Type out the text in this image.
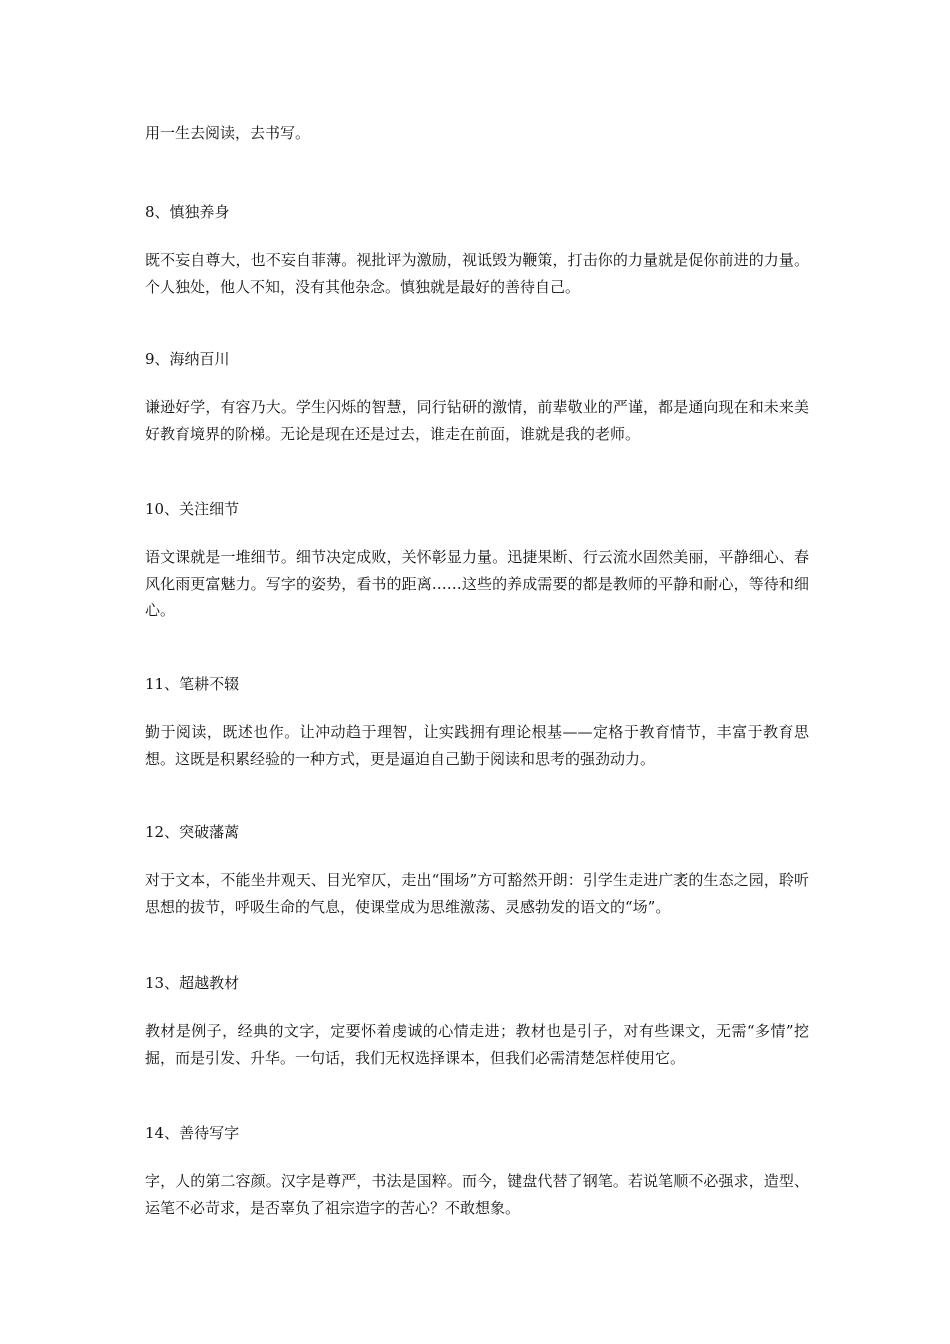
用一生去阅读，去书写。

8、慎独养身

既不妄自尊大，也不妄自菲薄。视批评为激励，视诋毁为鞭策，打击你的力量就是促你前进的力量。个人独处，他人不知，没有其他杂念。慎独就是最好的善待自己。

9、海纳百川

谦逊好学，有容乃大。学生闪烁的智慧，同行钻研的激情，前辈敬业的严谨，都是通向现在和未来美好教育境界的阶梯。无论是现在还是过去，谁走在前面，谁就是我的老师。

10、关注细节

语文课就是一堆细节。细节决定成败，关怀彰显力量。迅捷果断、行云流水固然美丽，平静细心、春风化雨更富魅力。写字的姿势，看书的距离……这些的养成需要的都是教师的平静和耐心，等待和细心。

11、笔耕不辍

勤于阅读，既述也作。让冲动趋于理智，让实践拥有理论根基——定格于教育情节，丰富于教育思想。这既是积累经验的一种方式，更是逼迫自己勤于阅读和思考的强劲动力。

12、突破藩蓠

对于文本，不能坐井观天、目光窄仄，走出“围场”方可豁然开朗：引学生走进广袤的生态之园，聆听思想的拔节，呼吸生命的气息，使课堂成为思维激荡、灵感勃发的语文的“场”。

13、超越教材

教材是例子，经典的文字，定要怀着虔诚的心情走进；教材也是引子，对有些课文，无需“多情”挖掘，而是引发、升华。一句话，我们无权选择课本，但我们必需清楚怎样使用它。

14、善待写字

字，人的第二容颜。汉字是尊严，书法是国粹。而今，键盘代替了钢笔。若说笔顺不必强求，造型、运笔不必苛求，是否辜负了祖宗造字的苦心？不敢想象。
